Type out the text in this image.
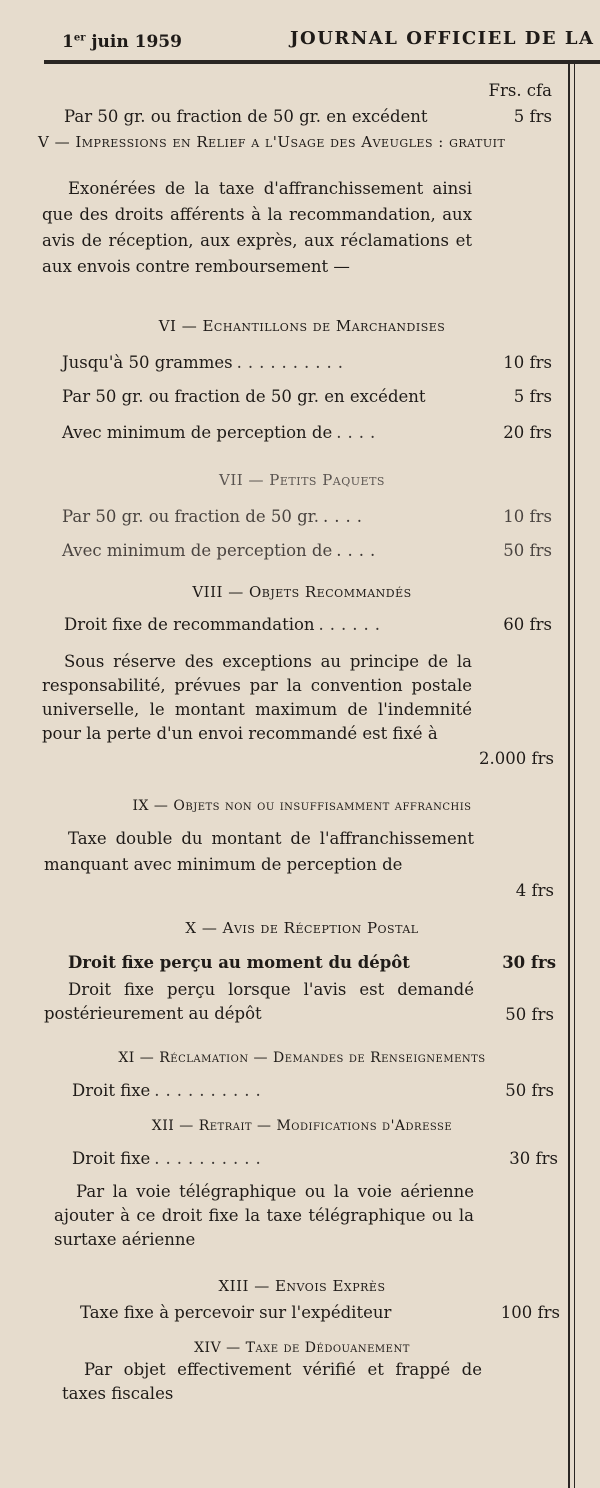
1er juin 1959	JOURNAL OFFICIEL DE LA
Frs. cfa
Par 50 gr. ou fraction de 50 gr. en excédent	5 frs
V — Impressions en Relief a l'Usage des Aveugles : gratuit
Exonérées de la taxe d'affranchissement ainsi que des droits afférents à la recommandation, aux avis de réception, aux exprès, aux réclamations et aux envois contre remboursement —
VI — Echantillons de Marchandises
Jusqu'à 50 grammes ..........	10 frs
Par 50 gr. ou fraction de 50 gr. en excédent	5 frs
Avec minimum de perception de ....	20 frs
VII — Petits Paquets
Par 50 gr. ou fraction de 50 gr. ....	10 frs
Avec minimum de perception de ....	50 frs
VIII — Objets Recommandés
Droit fixe de recommandation ......	60 frs
Sous réserve des exceptions au principe de la responsabilité, prévues par la convention postale universelle, le montant maximum de l'indemnité pour la perte d'un envoi recommandé est fixé à
2.000 frs
IX — Objets non ou insuffisamment affranchis
Taxe double du montant de l'affranchissement manquant avec minimum de perception de
4 frs
X — Avis de Réception Postal
Droit fixe perçu au moment du dépôt	30 frs
Droit fixe perçu lorsque l'avis est demandé postérieurement au dépôt	50 frs
XI — Réclamation — Demandes de Renseignements
Droit fixe ..........	50 frs
XII — Retrait — Modifications d'Adresse
Droit fixe ..........	30 frs
Par la voie télégraphique ou la voie aérienne ajouter à ce droit fixe la taxe télégraphique ou la surtaxe aérienne
XIII — Envois Exprès
Taxe fixe à percevoir sur l'expéditeur	100 frs
XIV — Taxe de Dédouanement
Par objet effectivement vérifié et frappé de taxes fiscales
